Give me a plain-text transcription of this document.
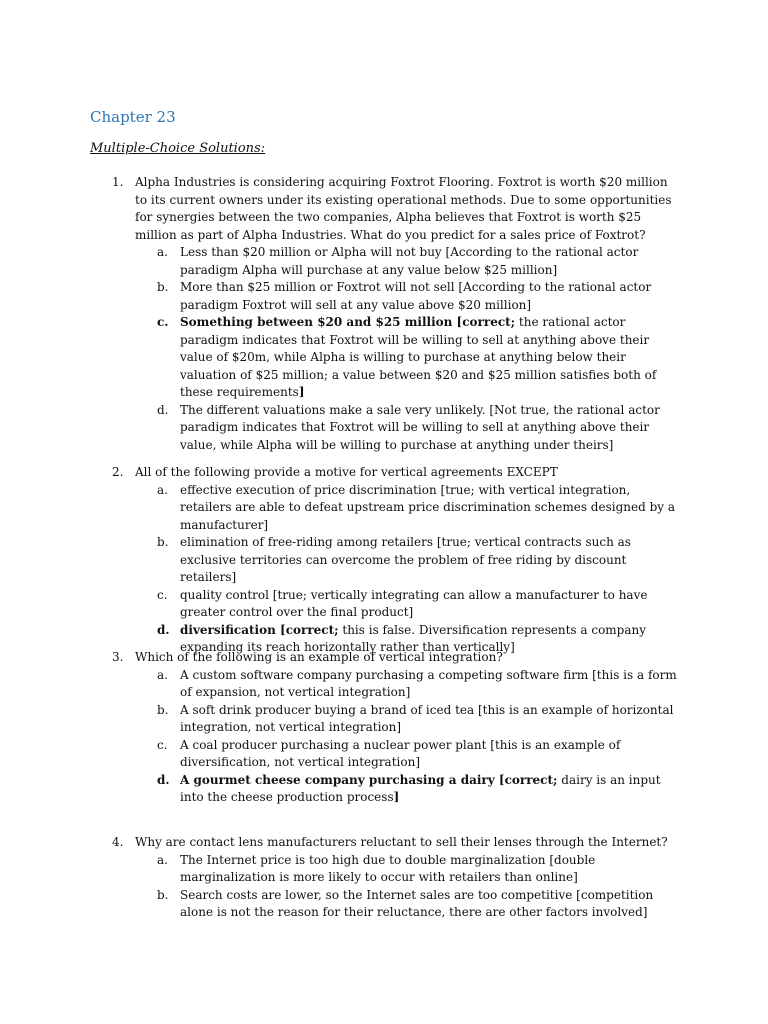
Chapter 23
Multiple-Choice Solutions:
1. Alpha Industries is considering acquiring Foxtrot Flooring. Foxtrot is worth $20 million to its current owners under its existing operational methods. Due to some opportunities for synergies between the two companies, Alpha believes that Foxtrot is worth $25 million as part of Alpha Industries. What do you predict for a sales price of Foxtrot?
a. Less than $20 million or Alpha will not buy [According to the rational actor paradigm Alpha will purchase at any value below $25 million]
b. More than $25 million or Foxtrot will not sell [According to the rational actor paradigm Foxtrot will sell at any value above $20 million]
c. Something between $20 and $25 million [correct; the rational actor paradigm indicates that Foxtrot will be willing to sell at anything above their value of $20m, while Alpha is willing to purchase at anything below their valuation of $25 million; a value between $20 and $25 million satisfies both of these requirements]
d. The different valuations make a sale very unlikely. [Not true, the rational actor paradigm indicates that Foxtrot will be willing to sell at anything above their value, while Alpha will be willing to purchase at anything under theirs]
2. All of the following provide a motive for vertical agreements EXCEPT
a. effective execution of price discrimination [true; with vertical integration, retailers are able to defeat upstream price discrimination schemes designed by a manufacturer]
b. elimination of free-riding among retailers [true; vertical contracts such as exclusive territories can overcome the problem of free riding by discount retailers]
c. quality control [true; vertically integrating can allow a manufacturer to have greater control over the final product]
d. diversification [correct; this is false. Diversification represents a company expanding its reach horizontally rather than vertically]
3. Which of the following is an example of vertical integration?
a. A custom software company purchasing a competing software firm [this is a form of expansion, not vertical integration]
b. A soft drink producer buying a brand of iced tea [this is an example of horizontal integration, not vertical integration]
c. A coal producer purchasing a nuclear power plant [this is an example of diversification, not vertical integration]
d. A gourmet cheese company purchasing a dairy [correct; dairy is an input into the cheese production process]
4. Why are contact lens manufacturers reluctant to sell their lenses through the Internet?
a. The Internet price is too high due to double marginalization [double marginalization is more likely to occur with retailers than online]
b. Search costs are lower, so the Internet sales are too competitive [competition alone is not the reason for their reluctance, there are other factors involved]
